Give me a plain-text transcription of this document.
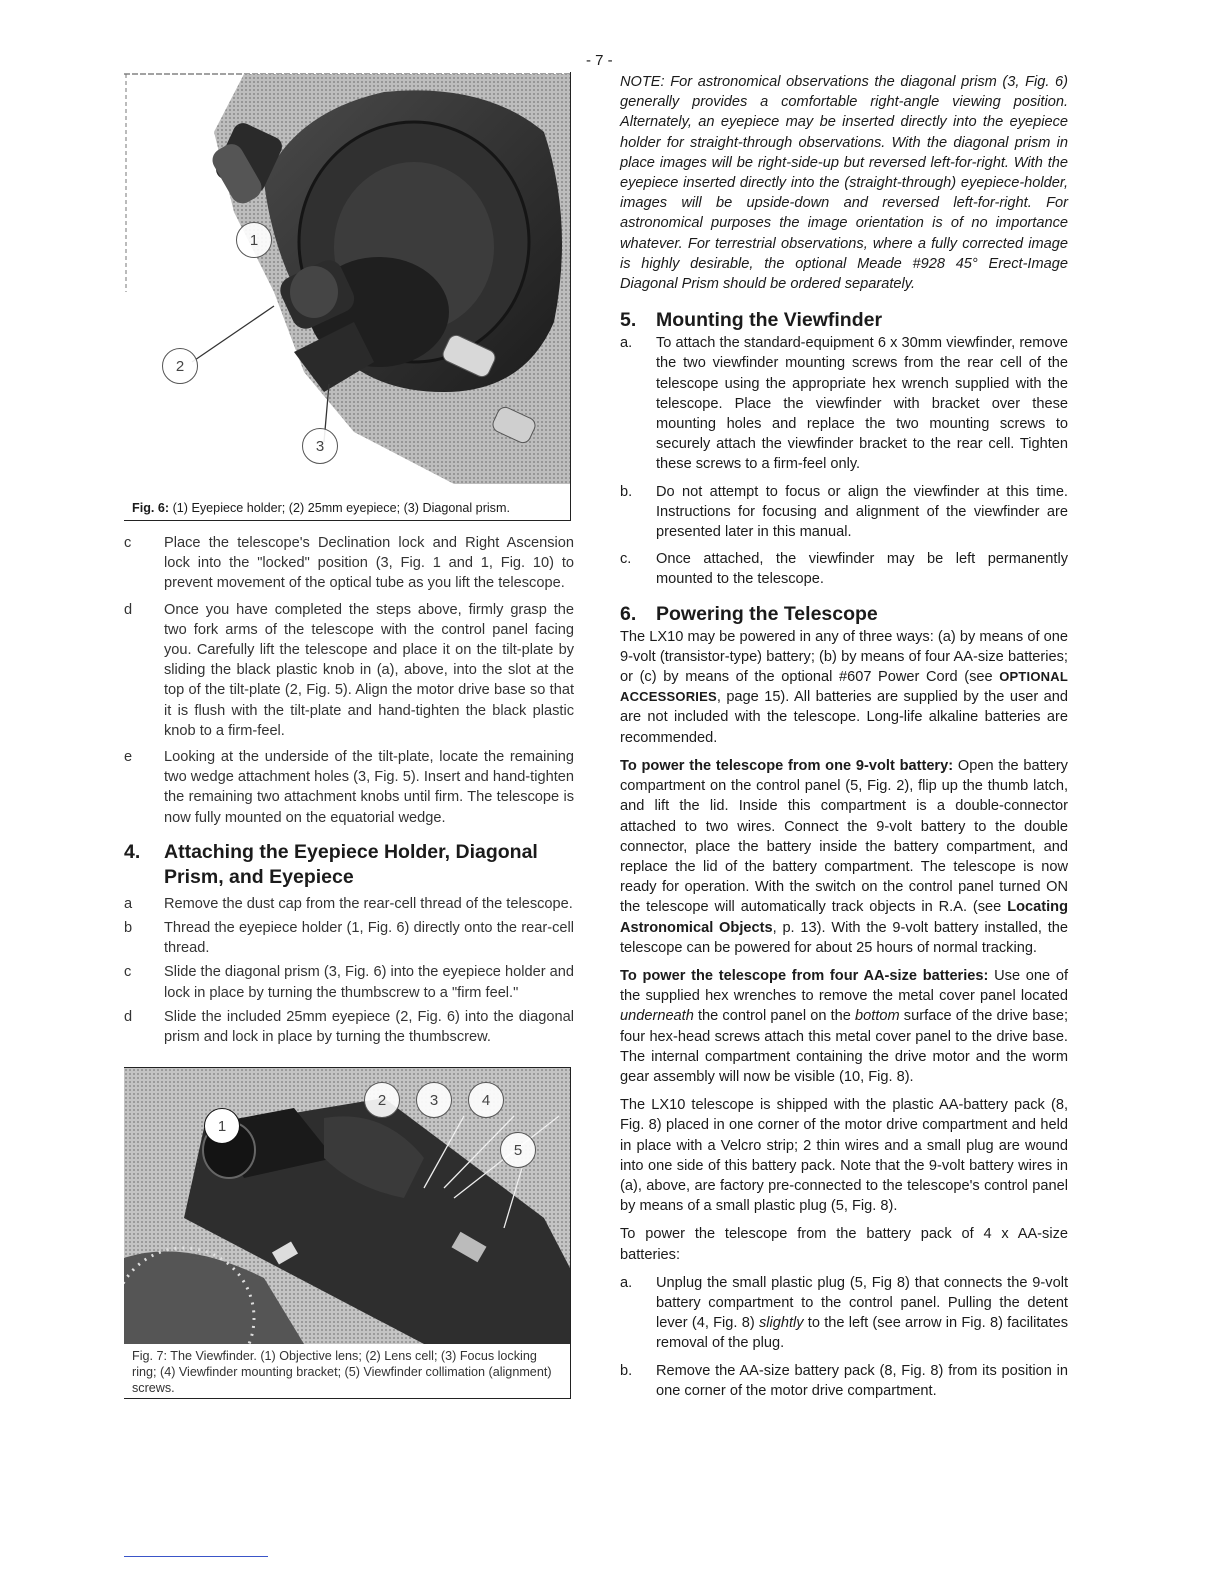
- 7 -
1
2
3
Fig. 6: (1) Eyepiece holder; (2) 25mm eyepiece; (3) Diagonal prism.
c	Place the telescope's Declination lock and Right Ascension lock into the "locked" position (3, Fig. 1 and 1, Fig. 10) to prevent movement of the optical tube as you lift the telescope.
d	Once you have completed the steps above, firmly grasp the two fork arms of the telescope with the control panel facing you. Carefully lift the telescope and place it on the tilt-plate by sliding the black plastic knob in (a), above, into the slot at the top of the tilt-plate (2, Fig. 5). Align the motor drive base so that it is flush with the tilt-plate and hand-tighten the black plastic knob to a firm-feel.
e	Looking at the underside of the tilt-plate, locate the remaining two wedge attachment holes (3, Fig. 5). Insert and hand-tighten the remaining two attachment knobs until firm. The telescope is now fully mounted on the equatorial wedge.
4.	Attaching the Eyepiece Holder, Diagonal Prism, and Eyepiece
a	Remove the dust cap from the rear-cell thread of the telescope.
b	Thread the eyepiece holder (1, Fig. 6) directly onto the rear-cell thread.
c	Slide the diagonal prism (3, Fig. 6) into the eyepiece holder and lock in place by turning the thumbscrew to a "firm feel."
d	Slide the included 25mm eyepiece (2, Fig. 6) into the diagonal prism and lock in place by turning the thumbscrew.
1
2	3	4
5
Fig. 7: The Viewfinder. (1) Objective lens; (2) Lens cell; (3) Focus locking ring; (4) Viewfinder mounting bracket; (5) Viewfinder collimation (alignment) screws.

NOTE: For astronomical observations the diagonal prism (3, Fig. 6) generally provides a comfortable right-angle viewing position. Alternately, an eyepiece may be inserted directly into the eyepiece holder for straight-through observations. With the diagonal prism in place images will be right-side-up but reversed left-for-right. With the eyepiece inserted directly into the (straight-through) eyepiece-holder, images will be upside-down and reversed left-for-right. For astronomical purposes the image orientation is of no importance whatever. For terrestrial observations, where a fully corrected image is highly desirable, the optional Meade #928 45° Erect-Image Diagonal Prism should be ordered separately.

5.	Mounting the Viewfinder
a.	To attach the standard-equipment 6 x 30mm viewfinder, remove the two viewfinder mounting screws from the rear cell of the telescope using the appropriate hex wrench supplied with the telescope. Place the viewfinder with bracket over these mounting holes and replace the two mounting screws to securely attach the viewfinder bracket to the rear cell. Tighten these screws to a firm-feel only.
b.	Do not attempt to focus or align the viewfinder at this time. Instructions for focusing and alignment of the viewfinder are presented later in this manual.
c.	Once attached, the viewfinder may be left permanently mounted to the telescope.
6.	Powering the Telescope

The LX10 may be powered in any of three ways: (a) by means of one 9-volt (transistor-type) battery; (b) by means of four AA-size batteries; or (c) by means of the optional #607 Power Cord (see OPTIONAL ACCESSORIES, page 15). All batteries are supplied by the user and are not included with the telescope. Long-life alkaline batteries are recommended.

To power the telescope from one 9-volt battery: Open the battery compartment on the control panel (5, Fig. 2), flip up the thumb latch, and lift the lid. Inside this compartment is a double-connector attached to two wires. Connect the 9-volt battery to the double connector, place the battery inside the battery compartment, and replace the lid of the battery compartment. The telescope is now ready for operation. With the switch on the control panel turned ON the telescope will automatically track objects in R.A. (see Locating Astronomical Objects, p. 13). With the 9-volt battery installed, the telescope can be powered for about 25 hours of normal tracking.

To power the telescope from four AA-size batteries: Use one of the supplied hex wrenches to remove the metal cover panel located underneath the control panel on the bottom surface of the drive base; four hex-head screws attach this metal cover panel to the drive base. The internal compartment containing the drive motor and the worm gear assembly will now be visible (10, Fig. 8).

The LX10 telescope is shipped with the plastic AA-battery pack (8, Fig. 8) placed in one corner of the motor drive compartment and held in place with a Velcro strip; 2 thin wires and a small plug are wound into one side of this battery pack. Note that the 9-volt battery wires in (a), above, are factory pre-connected to the telescope's control panel by means of a small plastic plug (5, Fig. 8).

To power the telescope from the battery pack of 4 x AA-size batteries:

a.	Unplug the small plastic plug (5, Fig 8) that connects the 9-volt battery compartment to the control panel. Pulling the detent lever (4, Fig. 8) slightly to the left (see arrow in Fig. 8) facilitates removal of the plug.
b.	Remove the AA-size battery pack (8, Fig. 8) from its position in one corner of the motor drive compartment.
